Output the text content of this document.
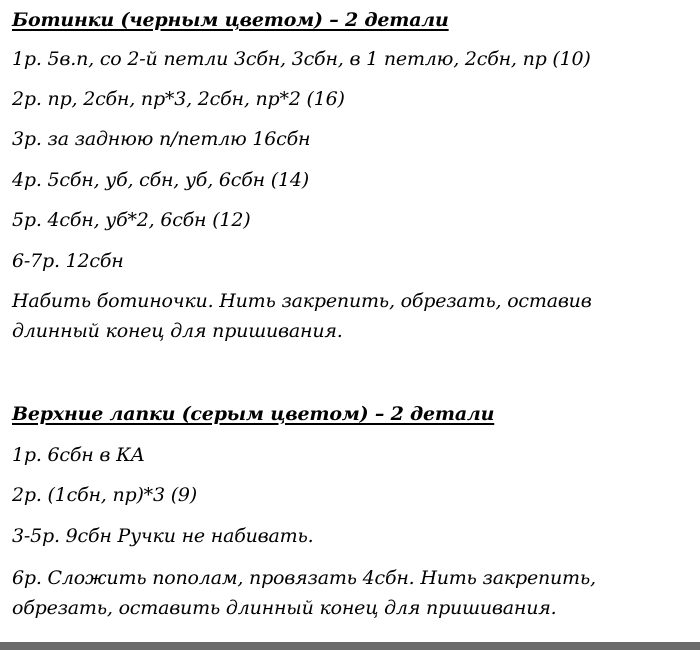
Ботинки (черным цветом) – 2 детали
1р. 5в.п, со 2-й петли 3сбн, 3сбн, в 1 петлю, 2сбн, пр (10)
2р. пр, 2сбн, пр*3, 2сбн, пр*2 (16)
3р. за заднюю п/петлю 16сбн
4р. 5сбн, уб, сбн, уб, 6сбн (14)
5р. 4сбн, уб*2, 6сбн (12)
6-7р. 12сбн
Набить ботиночки. Нить закрепить, обрезать, оставив длинный конец для пришивания.
Верхние лапки (серым цветом) – 2 детали
1р. 6сбн в КА
2р. (1сбн, пр)*3 (9)
3-5р. 9сбн Ручки не набивать.
6р. Сложить пополам, провязать 4сбн. Нить закрепить, обрезать, оставить длинный конец для пришивания.
